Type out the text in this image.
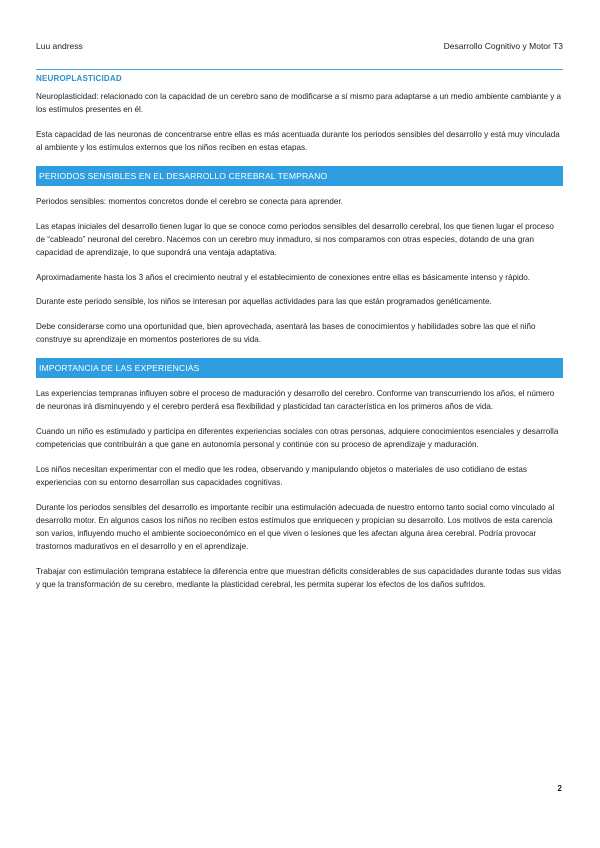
Luu andress	Desarrollo Cognitivo y Motor T3
NEUROPLASTICIDAD

Neuroplasticidad: relacionado con la capacidad de un cerebro sano de modificarse a sí mismo para adaptarse a un medio ambiente cambiante y a los estímulos presentes en él.

Esta capacidad de las neuronas de concentrarse entre ellas es más acentuada durante los periodos sensibles del desarrollo y está muy vinculada al ambiente y los estímulos externos que los niños reciben en estas etapas.

PERIODOS SENSIBLES EN EL DESARROLLO CEREBRAL TEMPRANO

Periodos sensibles: momentos concretos donde el cerebro se conecta para aprender.

Las etapas iniciales del desarrollo tienen lugar lo que se conoce como periodos sensibles del desarrollo cerebral, los que tienen lugar el proceso de “cableado” neuronal del cerebro. Nacemos con un cerebro muy inmaduro, si nos comparamos con otras especies, dotando de una gran capacidad de aprendizaje, lo que supondrá una ventaja adaptativa.

Aproximadamente hasta los 3 años el crecimiento neutral y el establecimiento de conexiones entre ellas es básicamente intenso y rápido.

Durante este periodo sensible, los niños se interesan por aquellas actividades para las que están programados genéticamente.

Debe considerarse como una oportunidad que, bien aprovechada, asentará las bases de conocimientos y habilidades sobre las que el niño construye su aprendizaje en momentos posteriores de su vida.

IMPORTANCIA DE LAS EXPERIENCIAS

Las experiencias tempranas influyen sobre el proceso de maduración y desarrollo del cerebro. Conforme van transcurriendo los años, el número de neuronas irá disminuyendo y el cerebro perderá esa flexibilidad y plasticidad tan característica en los primeros años de vida.

Cuando un niño es estimulado y participa en diferentes experiencias sociales con otras personas, adquiere conocimientos esenciales y desarrolla competencias que contribuirán a que gane en autonomía personal y continúe con su proceso de aprendizaje y maduración.

Los niños necesitan experimentar con el medio que les rodea, observando y manipulando objetos o materiales de uso cotidiano de estas experiencias con su entorno desarrollan sus capacidades cognitivas.

Durante los periodos sensibles del desarrollo es importante recibir una estimulación adecuada de nuestro entorno tanto social como vinculado al desarrollo motor. En algunos casos los niños no reciben estos estímulos que enriquecen y propician su desarrollo. Los motivos de esta carencia son varios, influyendo mucho el ambiente socioeconómico en el que viven o lesiones que les afectan alguna área cerebral. Podría provocar trastornos madurativos en el desarrollo y en el aprendizaje.

Trabajar con estimulación temprana establece la diferencia entre que muestran déficits considerables de sus capacidades durante todas sus vidas y que la transformación de su cerebro, mediante la plasticidad cerebral, les permita superar los efectos de los daños sufridos.

2
